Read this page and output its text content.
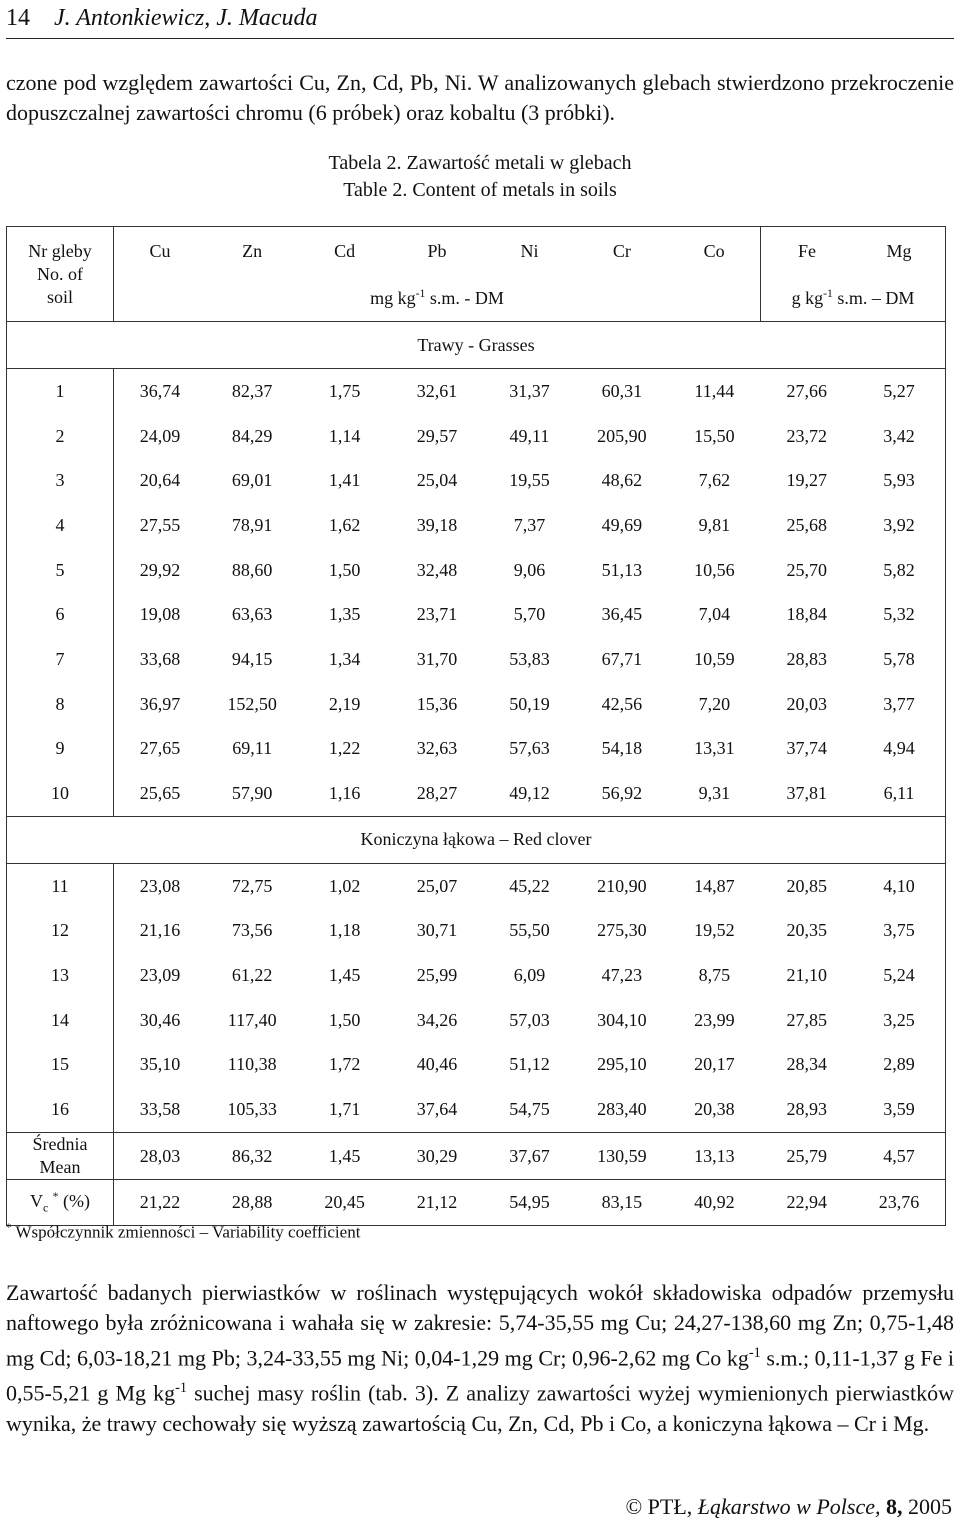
14 J. Antonkiewicz, J. Macuda
czone pod względem zawartości Cu, Zn, Cd, Pb, Ni. W analizowanych glebach stwierdzono przekroczenie dopuszczalnej zawartości chromu (6 próbek) oraz kobaltu (3 próbki).
Tabela 2. Zawartość metali w glebach
Table 2. Content of metals in soils
Nr gleby
No. of
soil	Cu	Zn	Cd	Pb	Ni	Cr	Co	Fe	Mg
	mg $kg^{-1}$ s.m. - DM							g $kg^{-1}$ s.m. – DM	
Trawy - Grasses									
1	36,74	82,37	1,75	32,61	31,37	60,31	11,44	27,66	5,27
2	24,09	84,29	1,14	29,57	49,11	205,90	15,50	23,72	3,42
3	20,64	69,01	1,41	25,04	19,55	48,62	7,62	19,27	5,93
4	27,55	78,91	1,62	39,18	7,37	49,69	9,81	25,68	3,92
5	29,92	88,60	1,50	32,48	9,06	51,13	10,56	25,70	5,82
6	19,08	63,63	1,35	23,71	5,70	36,45	7,04	18,84	5,32
7	33,68	94,15	1,34	31,70	53,83	67,71	10,59	28,83	5,78
8	36,97	152,50	2,19	15,36	50,19	42,56	7,20	20,03	3,77
9	27,65	69,11	1,22	32,63	57,63	54,18	13,31	37,74	4,94
10	25,65	57,90	1,16	28,27	49,12	56,92	9,31	37,81	6,11
Koniczyna łąkowa – Red clover									
11	23,08	72,75	1,02	25,07	45,22	210,90	14,87	20,85	4,10
12	21,16	73,56	1,18	30,71	55,50	275,30	19,52	20,35	3,75
13	23,09	61,22	1,45	25,99	6,09	47,23	8,75	21,10	5,24
14	30,46	117,40	1,50	34,26	57,03	304,10	23,99	27,85	3,25
15	35,10	110,38	1,72	40,46	51,12	295,10	20,17	28,34	2,89
16	33,58	105,33	1,71	37,64	54,75	283,40	20,38	28,93	3,59

Średnia
Mean	28,03	86,32	1,45	30,29	37,67	130,59	13,13	25,79	4,57
$V_c$ * (%)	21,22	28,88	20,45	21,12	54,95	83,15	40,92	22,94	23,76
* Współczynnik zmienności – Variability coefficient
Zawartość badanych pierwiastków w roślinach występujących wokół składowiska odpadów przemysłu naftowego była zróżnicowana i wahała się w zakresie: 5,74-35,55 mg Cu; 24,27-138,60 mg Zn; 0,75-1,48 mg Cd; 6,03-18,21 mg Pb; 3,24-33,55 mg Ni; 0,04-1,29 mg Cr; 0,96-2,62 mg Co $kg^{-1}$ s.m.; 0,11-1,37 g Fe i 0,55-5,21 g Mg $kg^{-1}$ suchej masy roślin (tab. 3). Z analizy zawartości wyżej wymienionych pierwiastków wynika, że trawy cechowały się wyższą zawartością Cu, Zn, Cd, Pb i Co, a koniczyna łąkowa – Cr i Mg.
© PTŁ, Łąkarstwo w Polsce, 8, 2005
